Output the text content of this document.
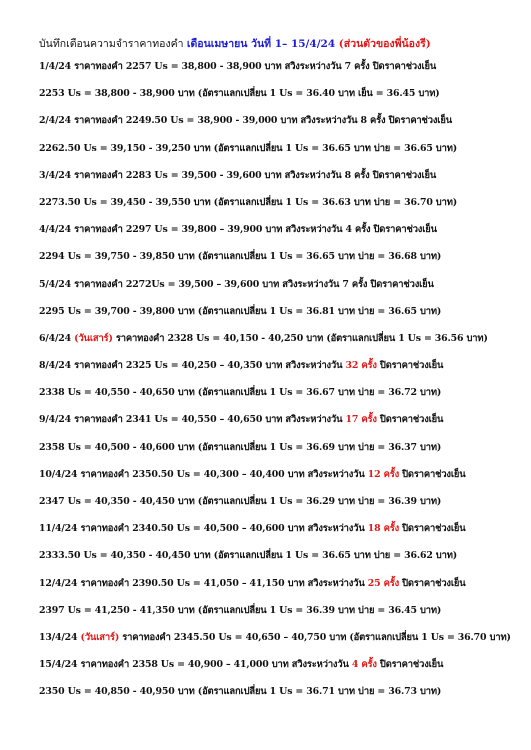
บันทึกเตือนความจำราคาทองคำ เดือนเมษายน วันที่ 1– 15/4/24 (ส่วนตัวของพี่น้องรี)
1/4/24 ราคาทองคำ 2257 Us = 38,800 - 38,900 บาท สวิงระหว่างวัน 7 ครั้ง ปิดราคาช่วงเย็น
2253 Us = 38,800 - 38,900 บาท (อัตราแลกเปลี่ยน 1 Us = 36.40 บาท เย็น = 36.45 บาท)
2/4/24 ราคาทองคำ 2249.50 Us = 38,900 - 39,000 บาท สวิงระหว่างวัน 8 ครั้ง ปิดราคาช่วงเย็น
2262.50 Us = 39,150 - 39,250 บาท (อัตราแลกเปลี่ยน 1 Us = 36.65 บาท บ่าย = 36.65 บาท)
3/4/24 ราคาทองคำ 2283 Us = 39,500 - 39,600 บาท สวิงระหว่างวัน 8 ครั้ง ปิดราคาช่วงเย็น
2273.50 Us = 39,450 - 39,550 บาท (อัตราแลกเปลี่ยน 1 Us = 36.63 บาท บ่าย = 36.70 บาท)
4/4/24 ราคาทองคำ 2297 Us = 39,800 – 39,900 บาท สวิงระหว่างวัน 4 ครั้ง ปิดราคาช่วงเย็น
2294 Us = 39,750 - 39,850 บาท (อัตราแลกเปลี่ยน 1 Us = 36.65 บาท บ่าย = 36.68 บาท)
5/4/24 ราคาทองคำ 2272Us = 39,500 – 39,600 บาท สวิงระหว่างวัน 7 ครั้ง ปิดราคาช่วงเย็น
2295 Us = 39,700 - 39,800 บาท (อัตราแลกเปลี่ยน 1 Us = 36.81 บาท บ่าย = 36.65 บาท)
6/4/24 (วันเสาร์) ราคาทองคำ 2328 Us = 40,150 - 40,250 บาท (อัตราแลกเปลี่ยน 1 Us = 36.56 บาท)
8/4/24 ราคาทองคำ 2325 Us = 40,250 – 40,350 บาท สวิงระหว่างวัน 32 ครั้ง ปิดราคาช่วงเย็น
2338 Us = 40,550 - 40,650 บาท (อัตราแลกเปลี่ยน 1 Us = 36.67 บาท บ่าย = 36.72 บาท)
9/4/24 ราคาทองคำ 2341 Us = 40,550 – 40,650 บาท สวิงระหว่างวัน 17 ครั้ง ปิดราคาช่วงเย็น
2358 Us = 40,500 - 40,600 บาท (อัตราแลกเปลี่ยน 1 Us = 36.69 บาท บ่าย = 36.37 บาท)
10/4/24 ราคาทองคำ 2350.50 Us = 40,300 – 40,400 บาท สวิงระหว่างวัน 12 ครั้ง ปิดราคาช่วงเย็น
2347 Us = 40,350 - 40,450 บาท (อัตราแลกเปลี่ยน 1 Us = 36.29 บาท บ่าย = 36.39 บาท)
11/4/24 ราคาทองคำ 2340.50 Us = 40,500 – 40,600 บาท สวิงระหว่างวัน 18 ครั้ง ปิดราคาช่วงเย็น
2333.50 Us = 40,350 - 40,450 บาท (อัตราแลกเปลี่ยน 1 Us = 36.65 บาท บ่าย = 36.62 บาท)
12/4/24 ราคาทองคำ 2390.50 Us = 41,050 – 41,150 บาท สวิงระหว่างวัน 25 ครั้ง ปิดราคาช่วงเย็น
2397 Us = 41,250 - 41,350 บาท (อัตราแลกเปลี่ยน 1 Us = 36.39 บาท บ่าย = 36.45 บาท)
13/4/24 (วันเสาร์) ราคาทองคำ 2345.50 Us = 40,650 – 40,750 บาท (อัตราแลกเปลี่ยน 1 Us = 36.70 บาท)
15/4/24 ราคาทองคำ 2358 Us = 40,900 – 41,000 บาท สวิงระหว่างวัน 4 ครั้ง ปิดราคาช่วงเย็น
2350 Us = 40,850 - 40,950 บาท (อัตราแลกเปลี่ยน 1 Us = 36.71 บาท บ่าย = 36.73 บาท)
